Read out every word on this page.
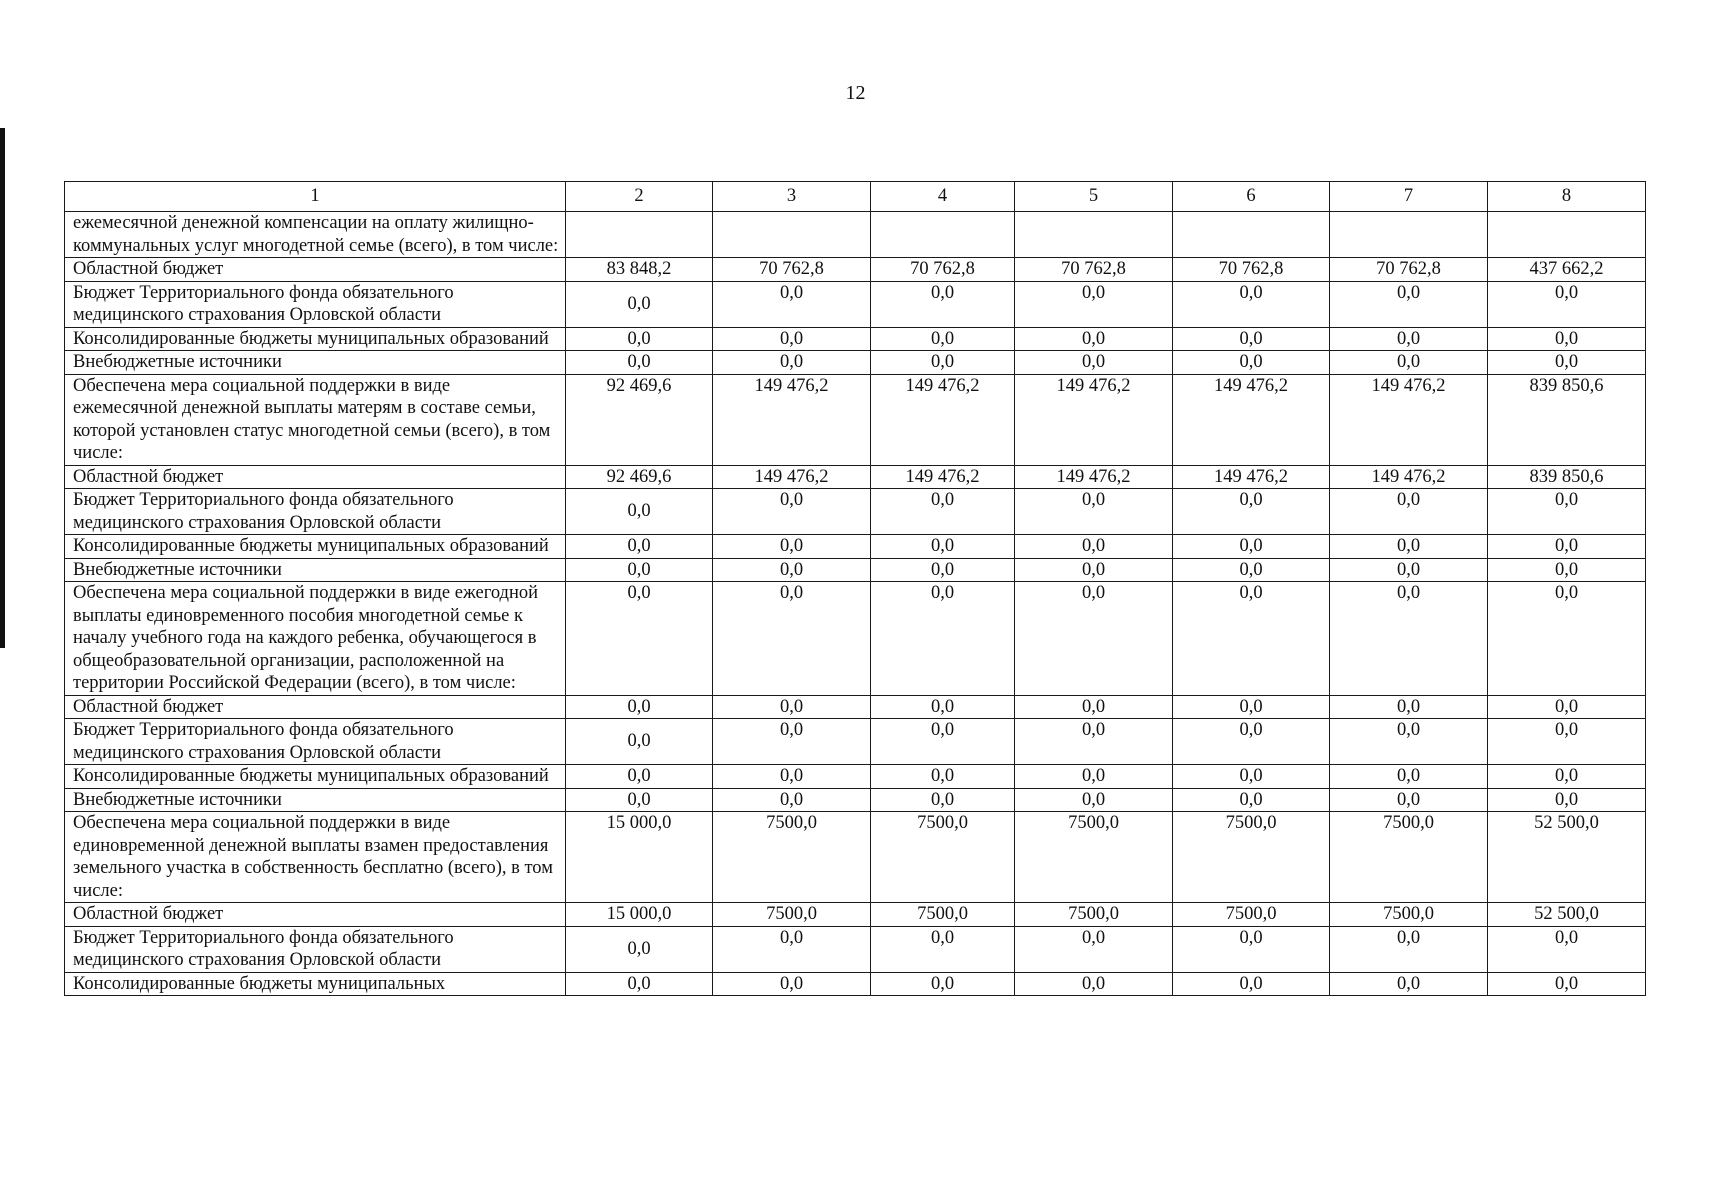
12
1	2	3	4	5	6	7	8
ежемесячной денежной компенсации на оплату жилищно-коммунальных услуг многодетной семье (всего), в том числе:							
Областной бюджет	83 848,2	70 762,8	70 762,8	70 762,8	70 762,8	70 762,8	437 662,2
Бюджет Территориального фонда обязательного медицинского страхования Орловской области	0,0	0,0	0,0	0,0	0,0	0,0	0,0
Консолидированные бюджеты муниципальных образований	0,0	0,0	0,0	0,0	0,0	0,0	0,0
Внебюджетные источники	0,0	0,0	0,0	0,0	0,0	0,0	0,0
Обеспечена мера социальной поддержки в виде ежемесячной денежной выплаты матерям в составе семьи, которой установлен статус многодетной семьи (всего), в том числе:	92 469,6	149 476,2	149 476,2	149 476,2	149 476,2	149 476,2	839 850,6
Областной бюджет	92 469,6	149 476,2	149 476,2	149 476,2	149 476,2	149 476,2	839 850,6
Бюджет Территориального фонда обязательного медицинского страхования Орловской области	0,0	0,0	0,0	0,0	0,0	0,0	0,0
Консолидированные бюджеты муниципальных образований	0,0	0,0	0,0	0,0	0,0	0,0	0,0
Внебюджетные источники	0,0	0,0	0,0	0,0	0,0	0,0	0,0
Обеспечена мера социальной поддержки в виде ежегодной выплаты единовременного пособия многодетной семье к началу учебного года на каждого ребенка, обучающегося в общеобразовательной организации, расположенной на территории Российской Федерации (всего), в том числе:	0,0	0,0	0,0	0,0	0,0	0,0	0,0
Областной бюджет	0,0	0,0	0,0	0,0	0,0	0,0	0,0
Бюджет Территориального фонда обязательного медицинского страхования Орловской области	0,0	0,0	0,0	0,0	0,0	0,0	0,0
Консолидированные бюджеты муниципальных образований	0,0	0,0	0,0	0,0	0,0	0,0	0,0
Внебюджетные источники	0,0	0,0	0,0	0,0	0,0	0,0	0,0
Обеспечена мера социальной поддержки в виде единовременной денежной выплаты взамен предоставления земельного участка в собственность бесплатно (всего), в том числе:	15 000,0	7500,0	7500,0	7500,0	7500,0	7500,0	52 500,0
Областной бюджет	15 000,0	7500,0	7500,0	7500,0	7500,0	7500,0	52 500,0
Бюджет Территориального фонда обязательного медицинского страхования Орловской области	0,0	0,0	0,0	0,0	0,0	0,0	0,0
Консолидированные бюджеты муниципальных	0,0	0,0	0,0	0,0	0,0	0,0	0,0
